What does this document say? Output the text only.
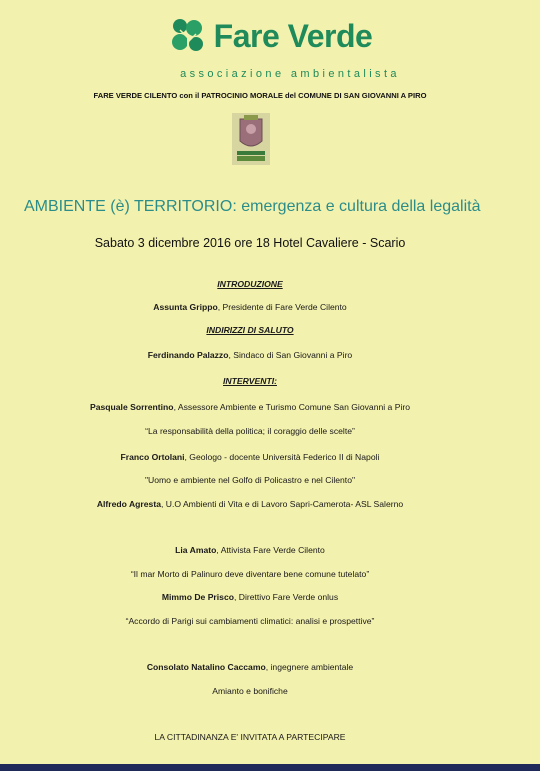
Fare Verde
associazione ambientalista
FARE VERDE CILENTO con il PATROCINIO MORALE del COMUNE DI SAN GIOVANNI A PIRO
AMBIENTE (è) TERRITORIO: emergenza e cultura della legalità
Sabato 3 dicembre 2016 ore 18 Hotel Cavaliere - Scario
INTRODUZIONE
Assunta Grippo, Presidente di Fare Verde Cilento
INDIRIZZI DI SALUTO
Ferdinando Palazzo, Sindaco di San Giovanni a Piro
INTERVENTI:
Pasquale Sorrentino, Assessore Ambiente e Turismo Comune San Giovanni a Piro
“La responsabilità della politica; il coraggio delle scelte”
Franco Ortolani, Geologo - docente Università Federico II di Napoli
"Uomo e ambiente nel Golfo di Policastro e nel Cilento"
Alfredo Agresta, U.O Ambienti di Vita e di Lavoro Sapri-Camerota- ASL Salerno
Lia Amato, Attivista Fare Verde Cilento
“Il mar Morto di Palinuro deve diventare bene comune tutelato”
Mimmo De Prisco, Direttivo Fare Verde onlus
“Accordo di Parigi sui cambiamenti climatici: analisi e prospettive”
Consolato Natalino Caccamo, ingegnere ambientale
Amianto e bonifiche
LA CITTADINANZA E' INVITATA A PARTECIPARE
